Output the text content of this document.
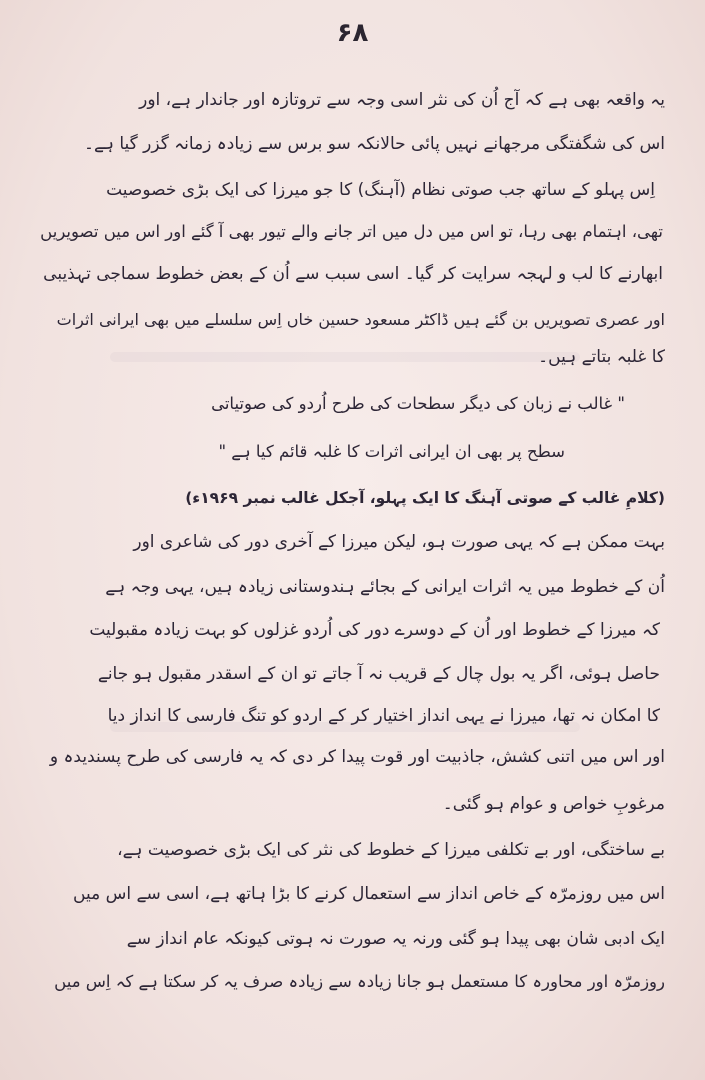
۶۸
یہ واقعہ بھی ہے کہ آج اُن کی نثر اسی وجہ سے تروتازہ اور جاندار ہے، اور
اس کی شگفتگی مرجھانے نہیں پائی حالانکہ سو برس سے زیادہ زمانہ گزر گیا ہے۔
اِس پہلو کے ساتھ جب صوتی نظام (آہنگ) کا جو میرزا کی ایک بڑی خصوصیت
تھی، اہتمام بھی رہا، تو اس میں دل میں اتر جانے والے تیور بھی آ گئے اور اس میں تصویریں
ابھارنے کا لب و لہجہ سرایت کر گیا۔ اسی سبب سے اُن کے بعض خطوط سماجی تہذیبی
اور عصری تصویریں بن گئے ہیں ڈاکٹر مسعود حسین خاں اِس سلسلے میں بھی ایرانی اثرات
کا غلبہ بتاتے ہیں۔
" غالب نے زبان کی دیگر سطحات کی طرح اُردو کی صوتیاتی
سطح پر بھی ان ایرانی اثرات کا غلبہ قائم کیا ہے "
(کلامِ غالب کے صوتی آہنگ کا ایک پہلو، آجکل غالب نمبر ۱۹۶۹ء)
بہت ممکن ہے کہ یہی صورت ہو، لیکن میرزا کے آخری دور کی شاعری اور
اُن کے خطوط میں یہ اثرات ایرانی کے بجائے ہندوستانی زیادہ ہیں، یہی وجہ ہے
کہ میرزا کے خطوط اور اُن کے دوسرے دور کی اُردو غزلوں کو بہت زیادہ مقبولیت
حاصل ہوئی، اگر یہ بول چال کے قریب نہ آ جاتے تو ان کے اسقدر مقبول ہو جانے
کا امکان نہ تھا، میرزا نے یہی انداز اختیار کر کے اردو کو تنگ فارسی کا انداز دیا
اور اس میں اتنی کشش، جاذبیت اور قوت پیدا کر دی کہ یہ فارسی کی طرح پسندیدہ و
مرغوبِ خواص و عوام ہو گئی۔
بے ساختگی، اور بے تکلفی میرزا کے خطوط کی نثر کی ایک بڑی خصوصیت ہے،
اس میں روزمرّہ کے خاص انداز سے استعمال کرنے کا بڑا ہاتھ ہے، اسی سے اس میں
ایک ادبی شان بھی پیدا ہو گئی ورنہ یہ صورت نہ ہوتی کیونکہ عام انداز سے
روزمرّہ اور محاورہ کا مستعمل ہو جانا زیادہ سے زیادہ صرف یہ کر سکتا ہے کہ اِس میں
